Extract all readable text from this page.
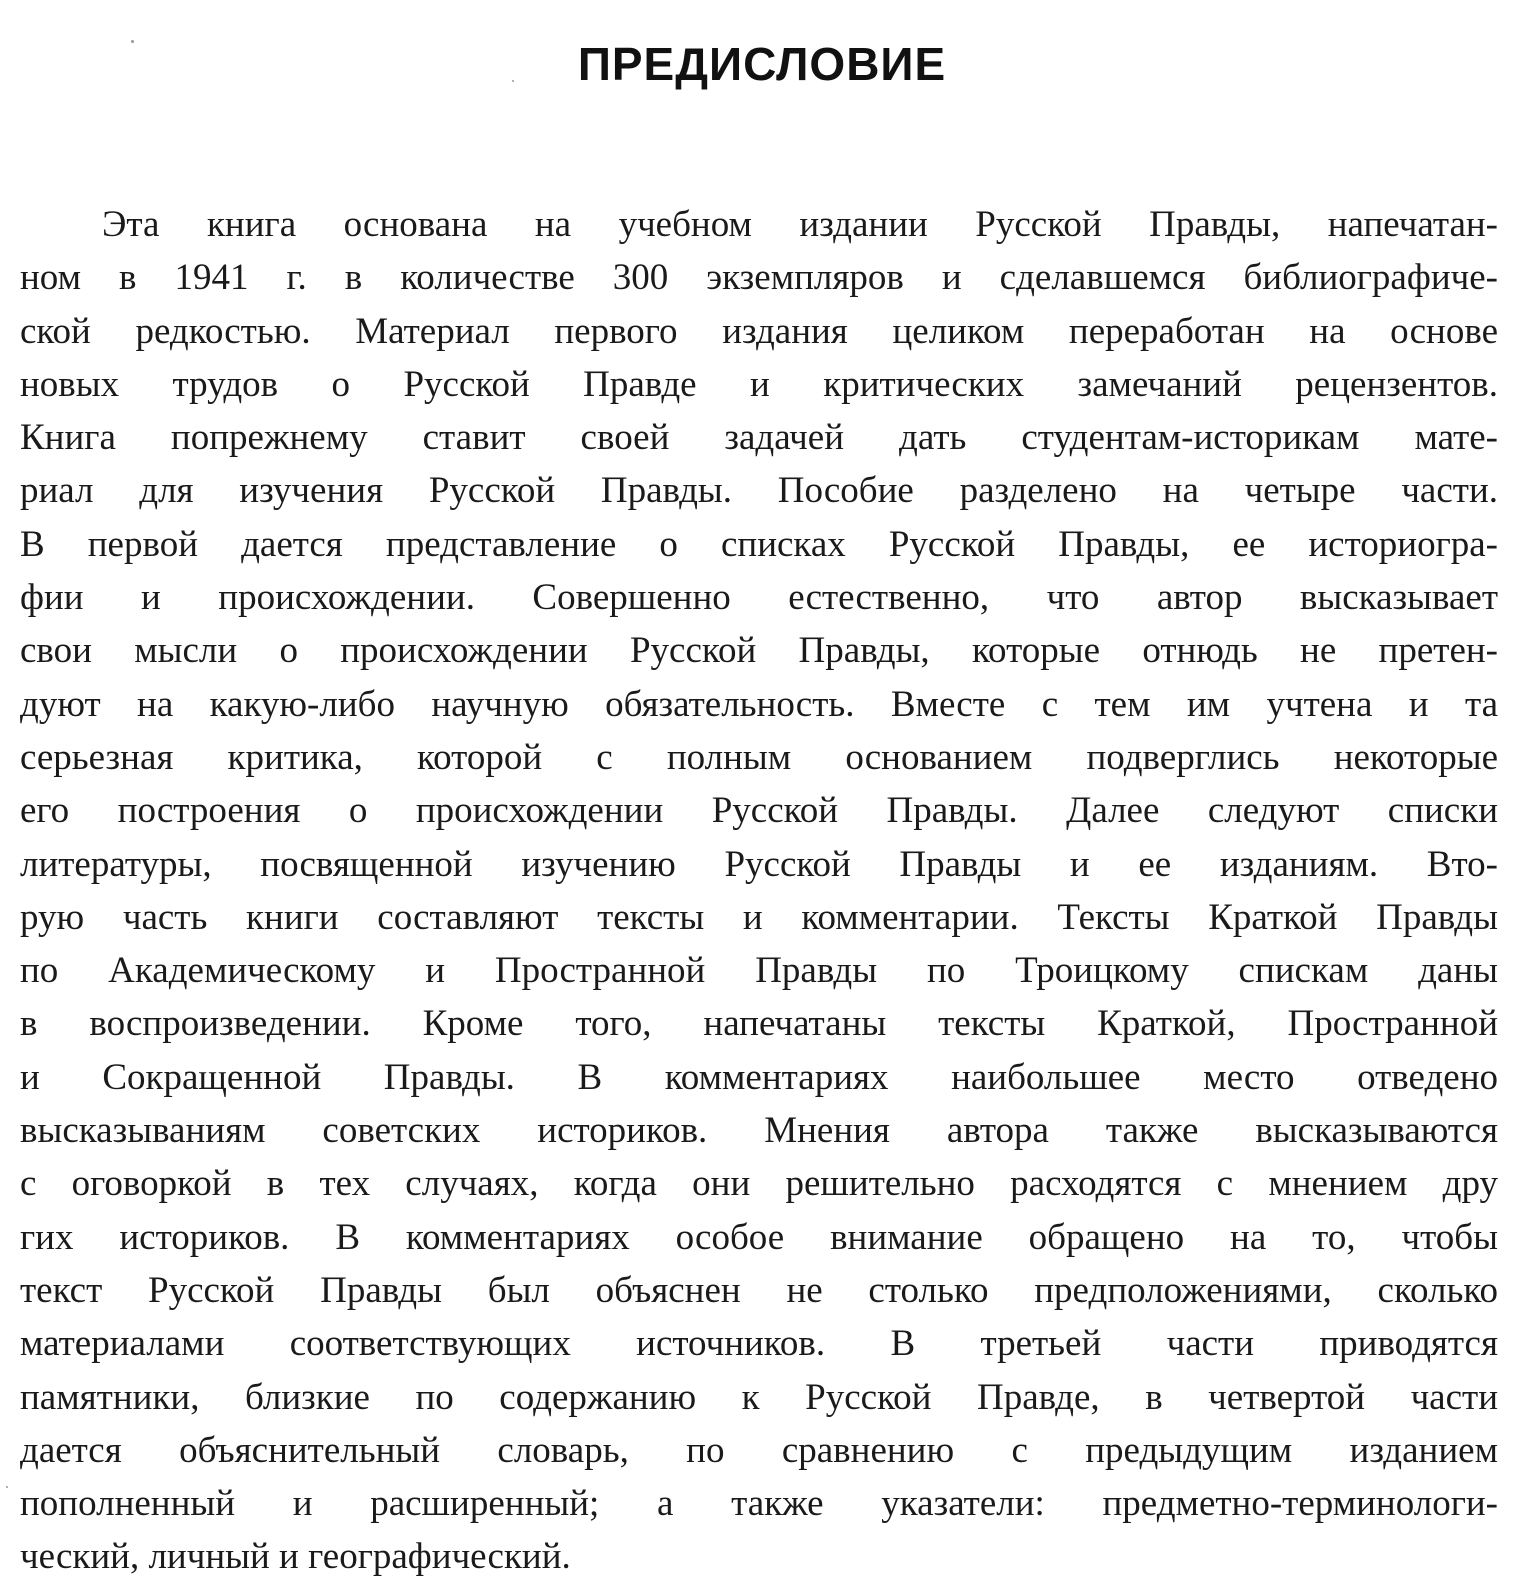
ПРЕДИСЛОВИЕ
Эта книга основана на учебном издании Русской Правды, напечатан-
ном в 1941 г. в количестве 300 экземпляров и сделавшемся библиографиче-
ской редкостью. Материал первого издания целиком переработан на основе
новых трудов о Русской Правде и критических замечаний рецензентов.
Книга попрежнему ставит своей задачей дать студентам-историкам мате-
риал для изучения Русской Правды. Пособие разделено на четыре части.
В первой дается представление о списках Русской Правды, ее историогра-
фии и происхождении. Совершенно естественно, что автор высказывает
свои мысли о происхождении Русской Правды, которые отнюдь не претен-
дуют на какую-либо научную обязательность. Вместе с тем им учтена и та
серьезная критика, которой с полным основанием подверглись некоторые
его построения о происхождении Русской Правды. Далее следуют списки
литературы, посвященной изучению Русской Правды и ее изданиям. Вто-
рую часть книги составляют тексты и комментарии. Тексты Краткой Правды
по Академическому и Пространной Правды по Троицкому спискам даны
в воспроизведении. Кроме того, напечатаны тексты Краткой, Пространной
и Сокращенной Правды. В комментариях наибольшее место отведено
высказываниям советских историков. Мнения автора также высказываются
с оговоркой в тех случаях, когда они решительно расходятся с мнением дру
гих историков. В комментариях особое внимание обращено на то, чтобы
текст Русской Правды был объяснен не столько предположениями, сколько
материалами соответствующих источников. В третьей части приводятся
памятники, близкие по содержанию к Русской Правде, в четвертой части
дается объяснительный словарь, по сравнению с предыдущим изданием
пополненный и расширенный; а также указатели: предметно-терминологи-
ческий, личный и географический.
